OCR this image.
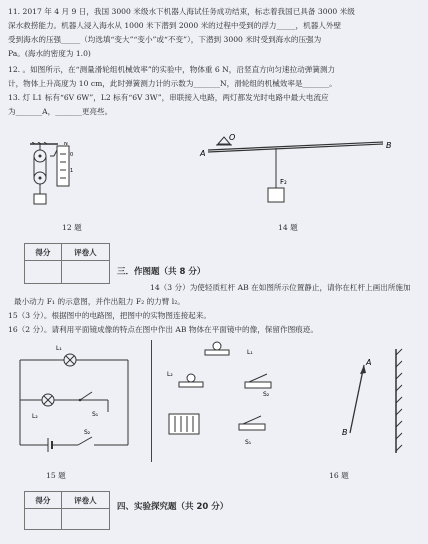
11. 2017 年 4 月 9 日，我国 3000 米级水下机器人海试任务成功结束，标志着我国已具备 3000 米级
深水救捞能力。机器人浸入海水从 1000 米下潜到 2000 米的过程中受到的浮力_____，机器人外壁
受到海水的压强_____（均选填“变大”“变小”或“不变”），下潜到 3000 米时受到海水的压强为
Pa。(海水的密度为 1.0)
12. 。如图所示，在“测量滑轮组机械效率”的实验中，物体重 6 N，沿竖直方向匀速拉动弹簧测力
计，物体上升高度为 10 cm，此时弹簧测力计的示数为_______N，滑轮组的机械效率是_______。
13. 灯 L1 标有“6V 6W”，L2 标有“6V 3W”，串联接入电路，两灯都发光时电路中最大电流应
为_______A，_______更亮些。
N
0
1
12 题
A
O
B
F₂
14 题
得分	评卷人

三．作图题（共 8 分）
14（3 分）为使轻质杠杆 AB 在如图所示位置静止，请你在杠杆上画出所施加
最小动力 F₁ 的示意图，并作出阻力 F₂ 的力臂 l₂。
15（3 分）。根据图中的电路图，把图中的实物图连接起来。
16（2 分）。请利用平面镜成像的特点在图中作出 AB 物体在平面镜中的像，保留作图痕迹。
L₁
L₂	S₁
S₂
L₁
L₂
S₂
S₁
A
B
15 题	16 题
得分	评卷人

四、实验探究题（共 20 分）
